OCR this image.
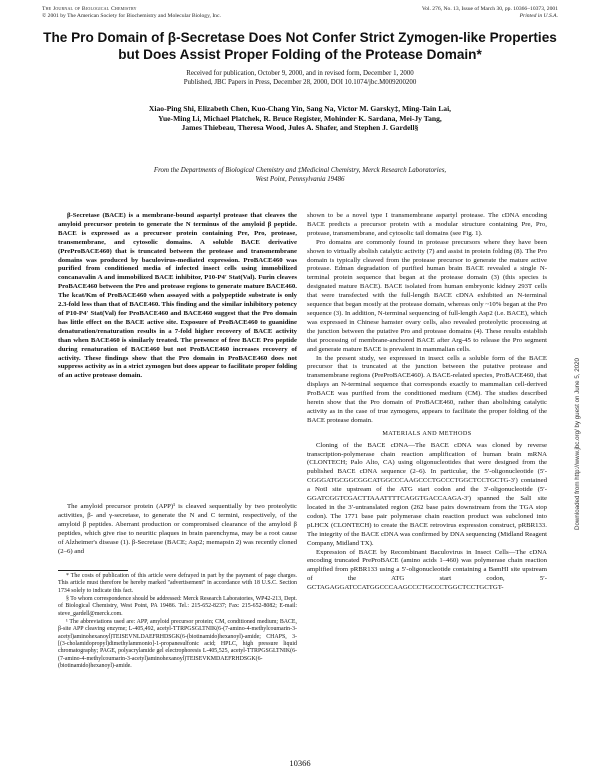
The Journal of Biological Chemistry
© 2001 by The American Society for Biochemistry and Molecular Biology, Inc.
Vol. 276, No. 13, Issue of March 30, pp. 10366–10373, 2001
Printed in U.S.A.
The Pro Domain of β-Secretase Does Not Confer Strict Zymogen-like Properties but Does Assist Proper Folding of the Protease Domain*
Received for publication, October 9, 2000, and in revised form, December 1, 2000
Published, JBC Papers in Press, December 28, 2000, DOI 10.1074/jbc.M009200200
Xiao-Ping Shi, Elizabeth Chen, Kuo-Chang Yin, Sang Na, Victor M. Garsky‡, Ming-Tain Lai,
Yue-Ming Li, Michael Platchek, R. Bruce Register, Mohinder K. Sardana, Mei-Jy Tang,
James Thiebeau, Theresa Wood, Jules A. Shafer, and Stephen J. Gardell§
From the Departments of Biological Chemistry and ‡Medicinal Chemistry, Merck Research Laboratories,
West Point, Pennsylvania 19486

β-Secretase (BACE) is a membrane-bound aspartyl protease that cleaves the amyloid precursor protein to generate the N terminus of the amyloid β peptide. BACE is expressed as a precursor protein containing Pre, Pro, protease, transmembrane, and cytosolic domains. A soluble BACE derivative (PreProBACE460) that is truncated between the protease and transmembrane domains was produced by baculovirus-mediated expression. ProBACE460 was purified from conditioned media of infected insect cells using immobilized concanavalin A and immobilized BACE inhibitor, P10-P4′ Stat(Val). Furin cleaves ProBACE460 between the Pro and protease regions to generate mature BACE460. The kcat/Km of ProBACE460 when assayed with a polypeptide substrate is only 2.3-fold less than that of BACE460. This finding and the similar inhibitory potency of P10-P4′ Stat(Val) for ProBACE460 and BACE460 suggest that the Pro domain has little effect on the BACE active site. Exposure of ProBACE460 to guanidine denaturation/renaturation results in a 7-fold higher recovery of BACE activity than when BACE460 is similarly treated. The presence of free BACE Pro peptide during renaturation of BACE460 but not ProBACE460 increases recovery of activity. These findings show that the Pro domain in ProBACE460 does not suppress activity as in a strict zymogen but does appear to facilitate proper folding of an active protease domain.

The amyloid precursor protein (APP)¹ is cleaved sequentially by two proteolytic activities, β- and γ-secretase, to generate the N and C termini, respectively, of the amyloid β peptides. Aberrant production or compromised clearance of the amyloid β peptides, which give rise to neuritic plaques in brain parenchyma, may be a root cause of Alzheimer's disease (1). β-Secretase (BACE; Asp2; memapsin 2) was recently cloned (2–6) and

* The costs of publication of this article were defrayed in part by the payment of page charges. This article must therefore be hereby marked "advertisement" in accordance with 18 U.S.C. Section 1734 solely to indicate this fact.

§ To whom correspondence should be addressed: Merck Research Laboratories, WP42-213, Dept. of Biological Chemistry, West Point, PA 19486. Tel.: 215-652-8237; Fax: 215-652-8082; E-mail: steve_gardell@merck.com.

¹ The abbreviations used are: APP, amyloid precursor protein; CM, conditioned medium; BACE, β-site APP cleaving enzyme; L-405,492, acetyl-TTRPGSGLTNIK(6-(7-amino-4-methylcoumarin-3-acetyl)aminohexanoyl)TEISEVNLDAEFRHDSGK(6-(biotinamido)hexanoyl)-amide; CHAPS, 3-[(3-cholamidopropyl)dimethylammonio]-1-propanesulfonic acid; HPLC, high pressure liquid chromatography; PAGE, polyacrylamide gel electrophoresis L-405,525, acetyl-TTRPGSGLTNIK(6-(7-amino-4-methylcoumarin-3-acetyl)aminohexanoyl)TEISEVKMDAEFRHDSGK(6-(biotinamido)hexanoyl)-amide.

shown to be a novel type I transmembrane aspartyl protease. The cDNA encoding BACE predicts a precursor protein with a modular structure containing Pre, Pro, protease, transmembrane, and cytosolic tail domains (see Fig. 1).

Pro domains are commonly found in protease precursors where they have been shown to virtually abolish catalytic activity (7) and assist in protein folding (8). The Pro domain is typically cleaved from the protease precursor to generate the mature active protease. Edman degradation of purified human brain BACE revealed a single N-terminal protein sequence that began at the protease domain (3) (this species is designated mature BACE). BACE isolated from human embryonic kidney 293T cells that were transfected with the full-length BACE cDNA exhibited an N-terminal sequence that began mostly at the protease domain, whereas only ~10% began at the Pro sequence (3). In addition, N-terminal sequencing of full-length Asp2 (i.e. BACE), which was expressed in Chinese hamster ovary cells, also revealed proteolytic processing at the junction between the putative Pro and protease domains (4). These results establish that processing of membrane-anchored BACE after Arg-45 to release the Pro segment and generate mature BACE is prevalent in mammalian cells.

In the present study, we expressed in insect cells a soluble form of the BACE precursor that is truncated at the junction between the putative protease and transmembrane regions (PreProBACE460). A BACE-related species, ProBACE460, that displays an N-terminal sequence that corresponds exactly to mammalian cell-derived ProBACE was purified from the conditioned medium (CM). The studies described herein show that the Pro domain of ProBACE460, rather than abolishing catalytic activity as in the case of true zymogens, appears to facilitate the proper folding of the BACE protease domain.

MATERIALS AND METHODS

Cloning of the BACE cDNA—The BACE cDNA was cloned by reverse transcription-polymerase chain reaction amplification of human brain mRNA (CLONTECH; Palo Alto, CA) using oligonucleotides that were designed from the published BACE cDNA sequence (2–6). In particular, the 5′-oligonucleotide (5′-CGGGATGCGGCGGCATGGCCCAAGCCCTGCCCTGGCTCCTGCTG-3′) contained a NotI site upstream of the ATG start codon and the 3′-oligonucleotide (5′-GGATCGGTCGACTTAAATTTTCAGGTGACCAAGA-3′) spanned the SalI site located in the 3′-untranslated region (262 base pairs downstream from the TGA stop codon). The 1771 base pair polymerase chain reaction product was subcloned into pLHCX (CLONTECH) to create the BACE retrovirus expression construct, pRBR133. The integrity of the BACE cDNA was confirmed by DNA sequencing (Midland Reagent Company, Midland TX).

Expression of BACE by Recombinant Baculovirus in Insect Cells—The cDNA encoding truncated PreProBACE (amino acids 1–460) was polymerase chain reaction amplified from pRBR133 using a 5′-oligonucleotide containing a BamHI site upstream of the ATG start codon, 5′-GCTAGAGGATCCATGGCCCAAGCCCTGCCCTGGCTCCTGCTGT-

10366
Downloaded from http://www.jbc.org/ by guest on June 5, 2020
